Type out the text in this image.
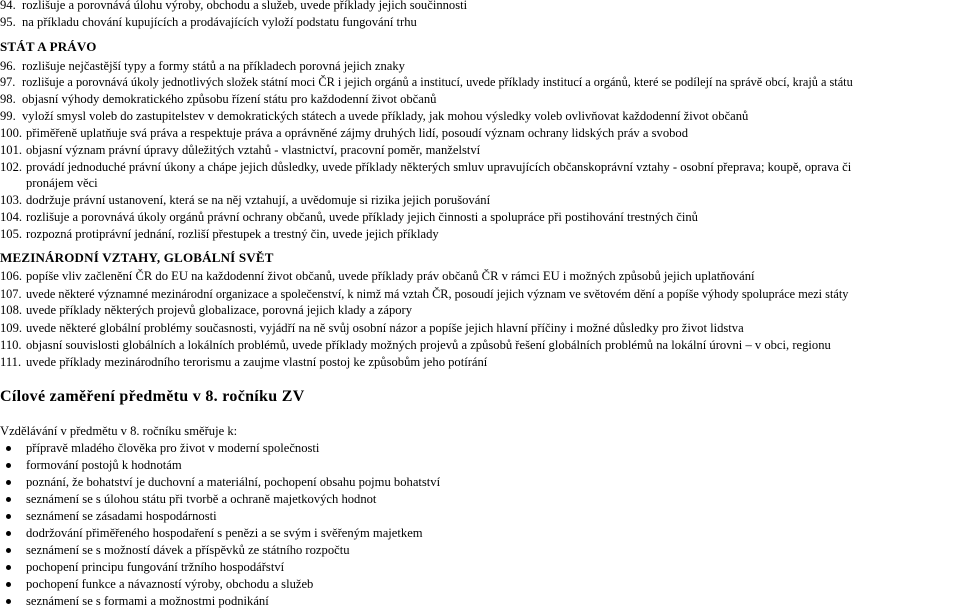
94. rozlišuje a porovnává úlohu výroby, obchodu a služeb, uvede příklady jejich součinnosti
95. na příkladu chování kupujících a prodávajících vyloží podstatu fungování trhu
STÁT A PRÁVO
96. rozlišuje nejčastější typy a formy států a na příkladech porovná jejich znaky
97. rozlišuje a porovnává úkoly jednotlivých složek státní moci ČR i jejich orgánů a institucí, uvede příklady institucí a orgánů, které se podílejí na správě obcí, krajů a státu
98. objasní výhody demokratického způsobu řízení státu pro každodenní život občanů
99. vyloží smysl voleb do zastupitelstev v demokratických státech a uvede příklady, jak mohou výsledky voleb ovlivňovat každodenní život občanů
100. přiměřeně uplatňuje svá práva a respektuje práva a oprávněné zájmy druhých lidí, posoudí význam ochrany lidských práv a svobod
101. objasní význam právní úpravy důležitých vztahů - vlastnictví, pracovní poměr, manželství
102. provádí jednoduché právní úkony a chápe jejich důsledky, uvede příklady některých smluv upravujících občanskoprávní vztahy - osobní přeprava; koupě, oprava či
pronájem věci
103. dodržuje právní ustanovení, která se na něj vztahují, a uvědomuje si rizika jejich porušování
104. rozlišuje a porovnává úkoly orgánů právní ochrany občanů, uvede příklady jejich činnosti a spolupráce při postihování trestných činů
105. rozpozná protiprávní jednání, rozliší přestupek a trestný čin, uvede jejich příklady
MEZINÁRODNÍ VZTAHY, GLOBÁLNÍ SVĚT
106. popíše vliv začlenění ČR do EU na každodenní život občanů, uvede příklady práv občanů ČR v rámci EU i možných způsobů jejich uplatňování
107. uvede některé významné mezinárodní organizace a společenství, k nimž má vztah ČR, posoudí jejich význam ve světovém dění a popíše výhody spolupráce mezi státy
108. uvede příklady některých projevů globalizace, porovná jejich klady a zápory
109. uvede některé globální problémy současnosti, vyjádří na ně svůj osobní názor a popíše jejich hlavní příčiny i možné důsledky pro život lidstva
110. objasní souvislosti globálních a lokálních problémů, uvede příklady možných projevů a způsobů řešení globálních problémů na lokální úrovni – v obci, regionu
111. uvede příklady mezinárodního terorismu a zaujme vlastní postoj ke způsobům jeho potírání
Cílové zaměření předmětu v 8. ročníku ZV
Vzdělávání v předmětu v 8. ročníku směřuje k:
přípravě mladého člověka pro život v moderní společnosti
formování postojů k hodnotám
poznání, že bohatství je duchovní a materiální, pochopení obsahu pojmu bohatství
seznámení se s úlohou státu při tvorbě a ochraně majetkových hodnot
seznámení se zásadami hospodárnosti
dodržování přiměřeného hospodaření s penězi a se svým i svěřeným majetkem
seznámení se s možností dávek a příspěvků ze státního rozpočtu
pochopení principu fungování tržního hospodářství
pochopení funkce a návazností výroby, obchodu a služeb
seznámení se s formami a možnostmi podnikání
